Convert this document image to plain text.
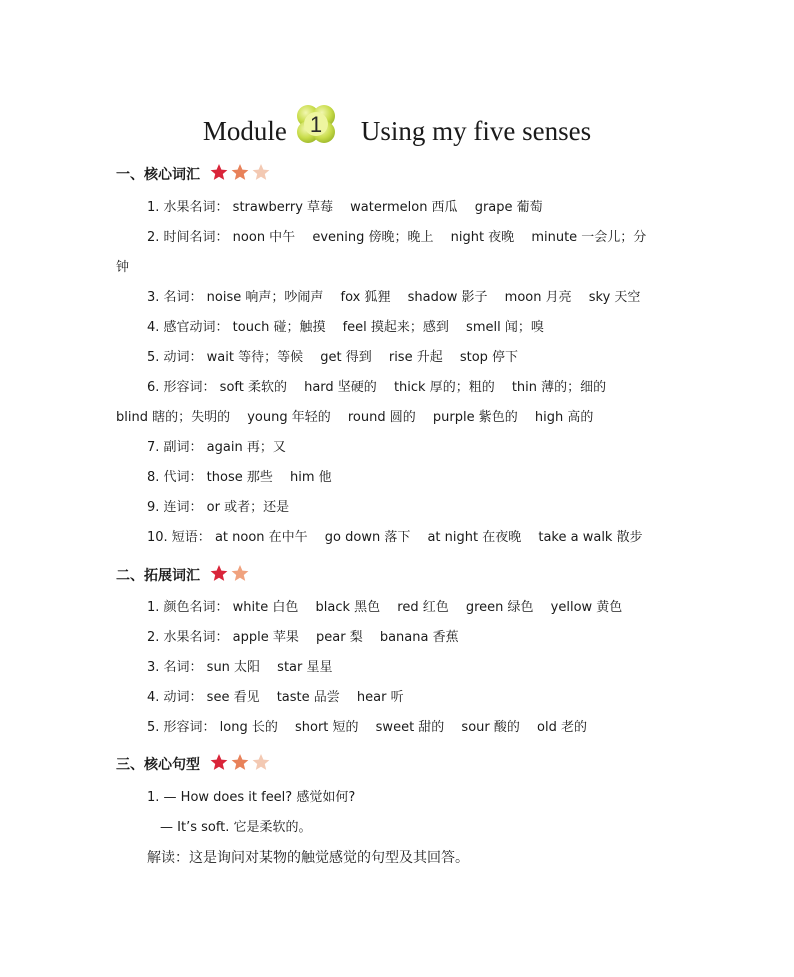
Module 1 Using my five senses
一、核心词汇
1. 水果名词： strawberry 草莓　 watermelon 西瓜　 grape 葡萄
2. 时间名词： noon 中午　 evening 傍晚；晚上　 night 夜晚　 minute 一会儿；分
钟
3. 名词： noise 响声；吵闹声　 fox 狐狸　 shadow 影子　 moon 月亮　 sky 天空
4. 感官动词： touch 碰；触摸　 feel 摸起来；感到　 smell 闻；嗅
5. 动词： wait 等待；等候　 get 得到　 rise 升起　 stop 停下
6. 形容词： soft 柔软的　 hard 坚硬的　 thick 厚的；粗的　 thin 薄的；细的
blind 瞎的；失明的　 young 年轻的　 round 圆的　 purple 紫色的　 high 高的
7. 副词： again 再；又
8. 代词： those 那些　 him 他
9. 连词： or 或者；还是
10. 短语： at noon 在中午　 go down 落下　 at night 在夜晚　 take a walk 散步
二、拓展词汇
1. 颜色名词： white 白色　 black 黑色　 red 红色　 green 绿色　 yellow 黄色
2. 水果名词： apple 苹果　 pear 梨　 banana 香蕉
3. 名词： sun 太阳　 star 星星
4. 动词： see 看见　 taste 品尝　 hear 听
5. 形容词： long 长的　 short 短的　 sweet 甜的　 sour 酸的　 old 老的
三、核心句型
1. — How does it feel? 感觉如何?
— It’s soft. 它是柔软的。
解读：这是询问对某物的触觉感觉的句型及其回答。
